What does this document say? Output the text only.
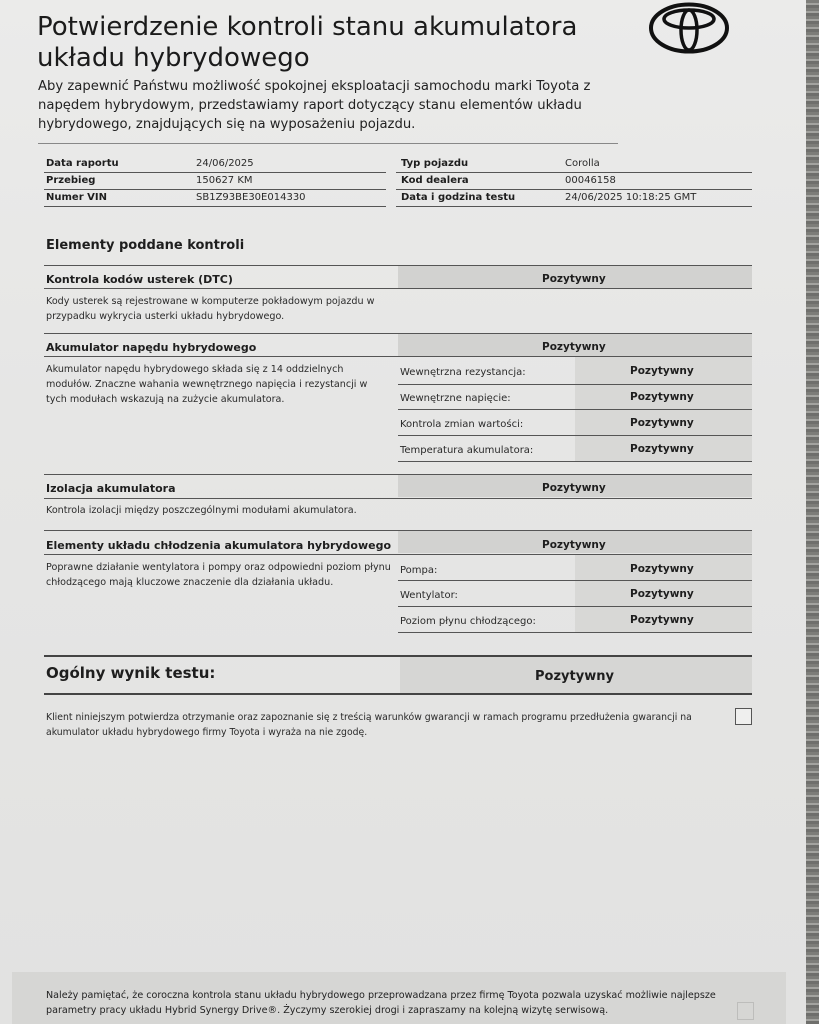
Potwierdzenie kontroli stanu akumulatora układu hybrydowego
Aby zapewnić Państwu możliwość spokojnej eksploatacji samochodu marki Toyota z napędem hybrydowym, przedstawiamy raport dotyczący stanu elementów układu hybrydowego, znajdujących się na wyposażeniu pojazdu.
Data raportu	24/06/2025
Przebieg	150627 KM
Numer VIN	SB1Z93BE30E014330
Typ pojazdu	Corolla
Kod dealera	00046158
Data i godzina testu	24/06/2025 10:18:25 GMT
Elementy poddane kontroli
Kontrola kodów usterek (DTC)	Pozytywny
Kody usterek są rejestrowane w komputerze pokładowym pojazdu w przypadku wykrycia usterki układu hybrydowego.
Akumulator napędu hybrydowego	Pozytywny
Akumulator napędu hybrydowego składa się z 14 oddzielnych modułów. Znaczne wahania wewnętrznego napięcia i rezystancji w tych modułach wskazują na zużycie akumulatora.
Wewnętrzna rezystancja:	Pozytywny
Wewnętrzne napięcie:	Pozytywny
Kontrola zmian wartości:	Pozytywny
Temperatura akumulatora:	Pozytywny
Izolacja akumulatora	Pozytywny
Kontrola izolacji między poszczególnymi modułami akumulatora.
Elementy układu chłodzenia akumulatora hybrydowego	Pozytywny
Poprawne działanie wentylatora i pompy oraz odpowiedni poziom płynu chłodzącego mają kluczowe znaczenie dla działania układu.
Pompa:	Pozytywny
Wentylator:	Pozytywny
Poziom płynu chłodzącego:	Pozytywny
Ogólny wynik testu:	Pozytywny
Klient niniejszym potwierdza otrzymanie oraz zapoznanie się z treścią warunków gwarancji w ramach programu przedłużenia gwarancji na akumulator układu hybrydowego firmy Toyota i wyraża na nie zgodę.
Należy pamiętać, że coroczna kontrola stanu układu hybrydowego przeprowadzana przez firmę Toyota pozwala uzyskać możliwie najlepsze parametry pracy układu Hybrid Synergy Drive®. Życzymy szerokiej drogi i zapraszamy na kolejną wizytę serwisową.
